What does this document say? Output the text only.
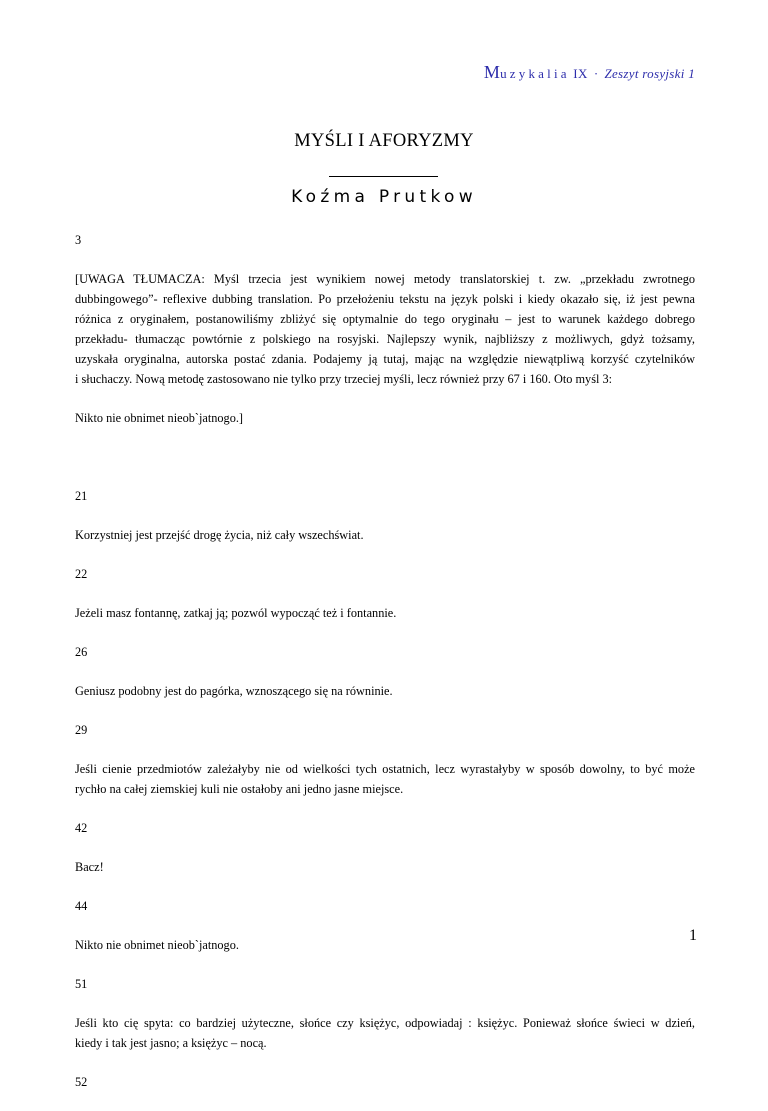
Muzykalia IX · Zeszyt rosyjski 1
MYŚLI I AFORYZMY
Koźma Prutkow

3

[UWAGA TŁUMACZA: Myśl trzecia jest wynikiem nowej metody translatorskiej t. zw. „przekładu zwrotnego

dubbingowego”- reflexive dubbing translation. Po przełożeniu tekstu na język polski i kiedy okazało się, iż jest pewna

różnica z oryginałem, postanowiliśmy zbliżyć się optymalnie do tego oryginału – jest to warunek każdego dobrego

przekładu- tłumacząc powtórnie z polskiego na rosyjski. Najlepszy wynik, najbliższy z możliwych, gdyż tożsamy,

uzyskała oryginalna, autorska postać zdania. Podajemy ją tutaj, mając na względzie niewątpliwą korzyść czytelników

i słuchaczy. Nową metodę zastosowano nie tylko przy trzeciej myśli, lecz również przy 67 i 160. Oto myśl 3:

Nikto nie obnimet nieob`jatnogo.]

21

Korzystniej jest przejść drogę życia, niż cały wszechświat.

22

Jeżeli masz fontannę, zatkaj ją; pozwól wypocząć też i fontannie.

26

Geniusz podobny jest do pagórka, wznoszącego się na równinie.

29

Jeśli cienie przedmiotów zależałyby nie od wielkości tych ostatnich, lecz wyrastałyby w sposób dowolny, to być może

rychło na całej ziemskiej kuli nie ostałoby ani jedno jasne miejsce.

42

Bacz!

44

Nikto nie obnimet nieob`jatnogo.

51

Jeśli kto cię spyta: co bardziej użyteczne, słońce czy księżyc, odpowiadaj : księżyc. Ponieważ słońce świeci w dzień,

kiedy i tak jest jasno; a księżyc – nocą.

52

1
